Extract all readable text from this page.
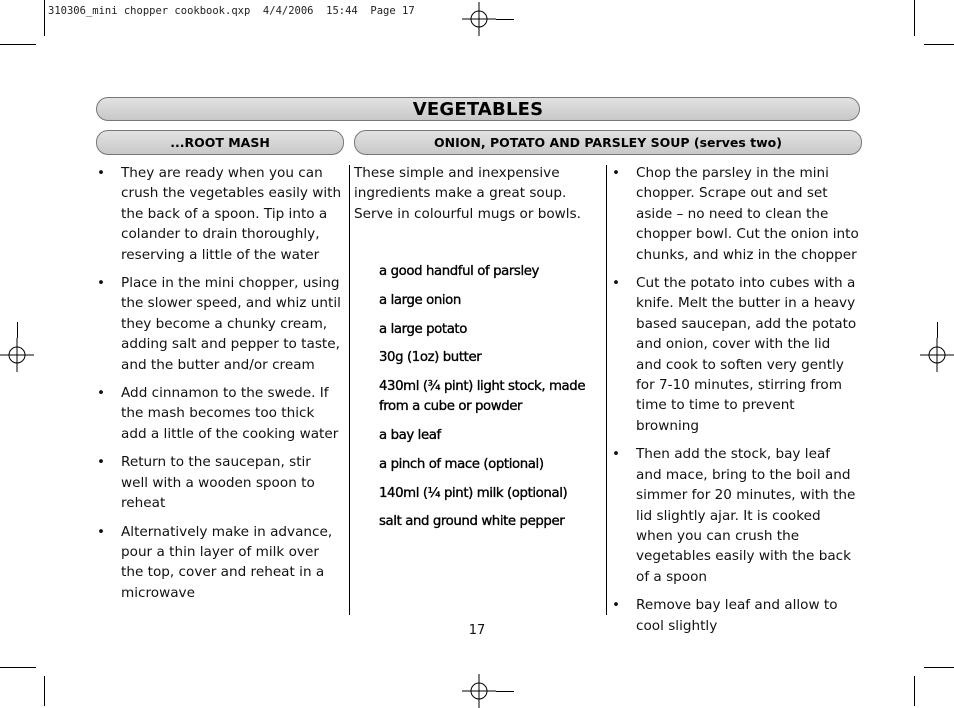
310306_mini chopper cookbook.qxp  4/4/2006  15:44  Page 17
VEGETABLES
...ROOT MASH	ONION, POTATO AND PARSLEY SOUP (serves two)
• They are ready when you can crush the vegetables easily with the back of a spoon. Tip into a colander to drain thoroughly, reserving a little of the water
• Place in the mini chopper, using the slower speed, and whiz until they become a chunky cream, adding salt and pepper to taste, and the butter and/or cream
• Add cinnamon to the swede. If the mash becomes too thick add a little of the cooking water
• Return to the saucepan, stir well with a wooden spoon to reheat
• Alternatively make in advance, pour a thin layer of milk over the top, cover and reheat in a microwave

These simple and inexpensive ingredients make a great soup. Serve in colourful mugs or bowls.

a good handful of parsley
a large onion
a large potato
30g (1oz) butter
430ml (¾ pint) light stock, made from a cube or powder
a bay leaf
a pinch of mace (optional)
140ml (¼ pint) milk (optional)
salt and ground white pepper
• Chop the parsley in the mini chopper. Scrape out and set aside – no need to clean the chopper bowl. Cut the onion into chunks, and whiz in the chopper
• Cut the potato into cubes with a knife. Melt the butter in a heavy based saucepan, add the potato and onion, cover with the lid and cook to soften very gently for 7-10 minutes, stirring from time to time to prevent browning
• Then add the stock, bay leaf and mace, bring to the boil and simmer for 20 minutes, with the lid slightly ajar. It is cooked when you can crush the vegetables easily with the back of a spoon
• Remove bay leaf and allow to cool slightly
17
